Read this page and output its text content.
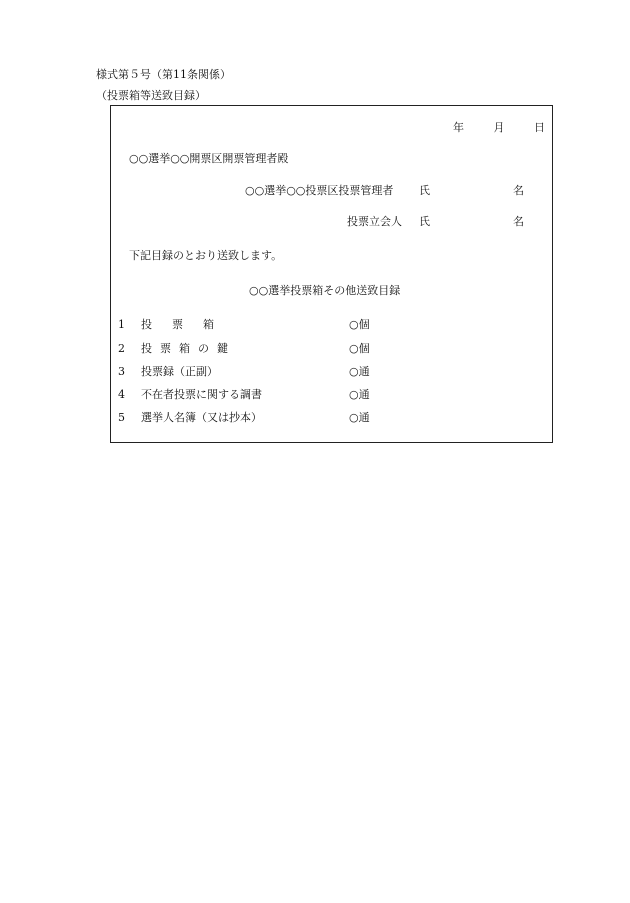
様式第５号（第11条関係）
（投票箱等送致目録）
年	月	日
○○選挙○○開票区開票管理者殿
○○選挙○○投票区投票管理者 氏	名
投票立会人 氏	名
下記目録のとおり送致します。
○○選挙投票箱その他送致目録
1 投票箱	○個
2 投票箱の鍵	○個
3 投票録（正副）	○通
4 不在者投票に関する調書	○通
5 選挙人名簿（又は抄本）	○通
